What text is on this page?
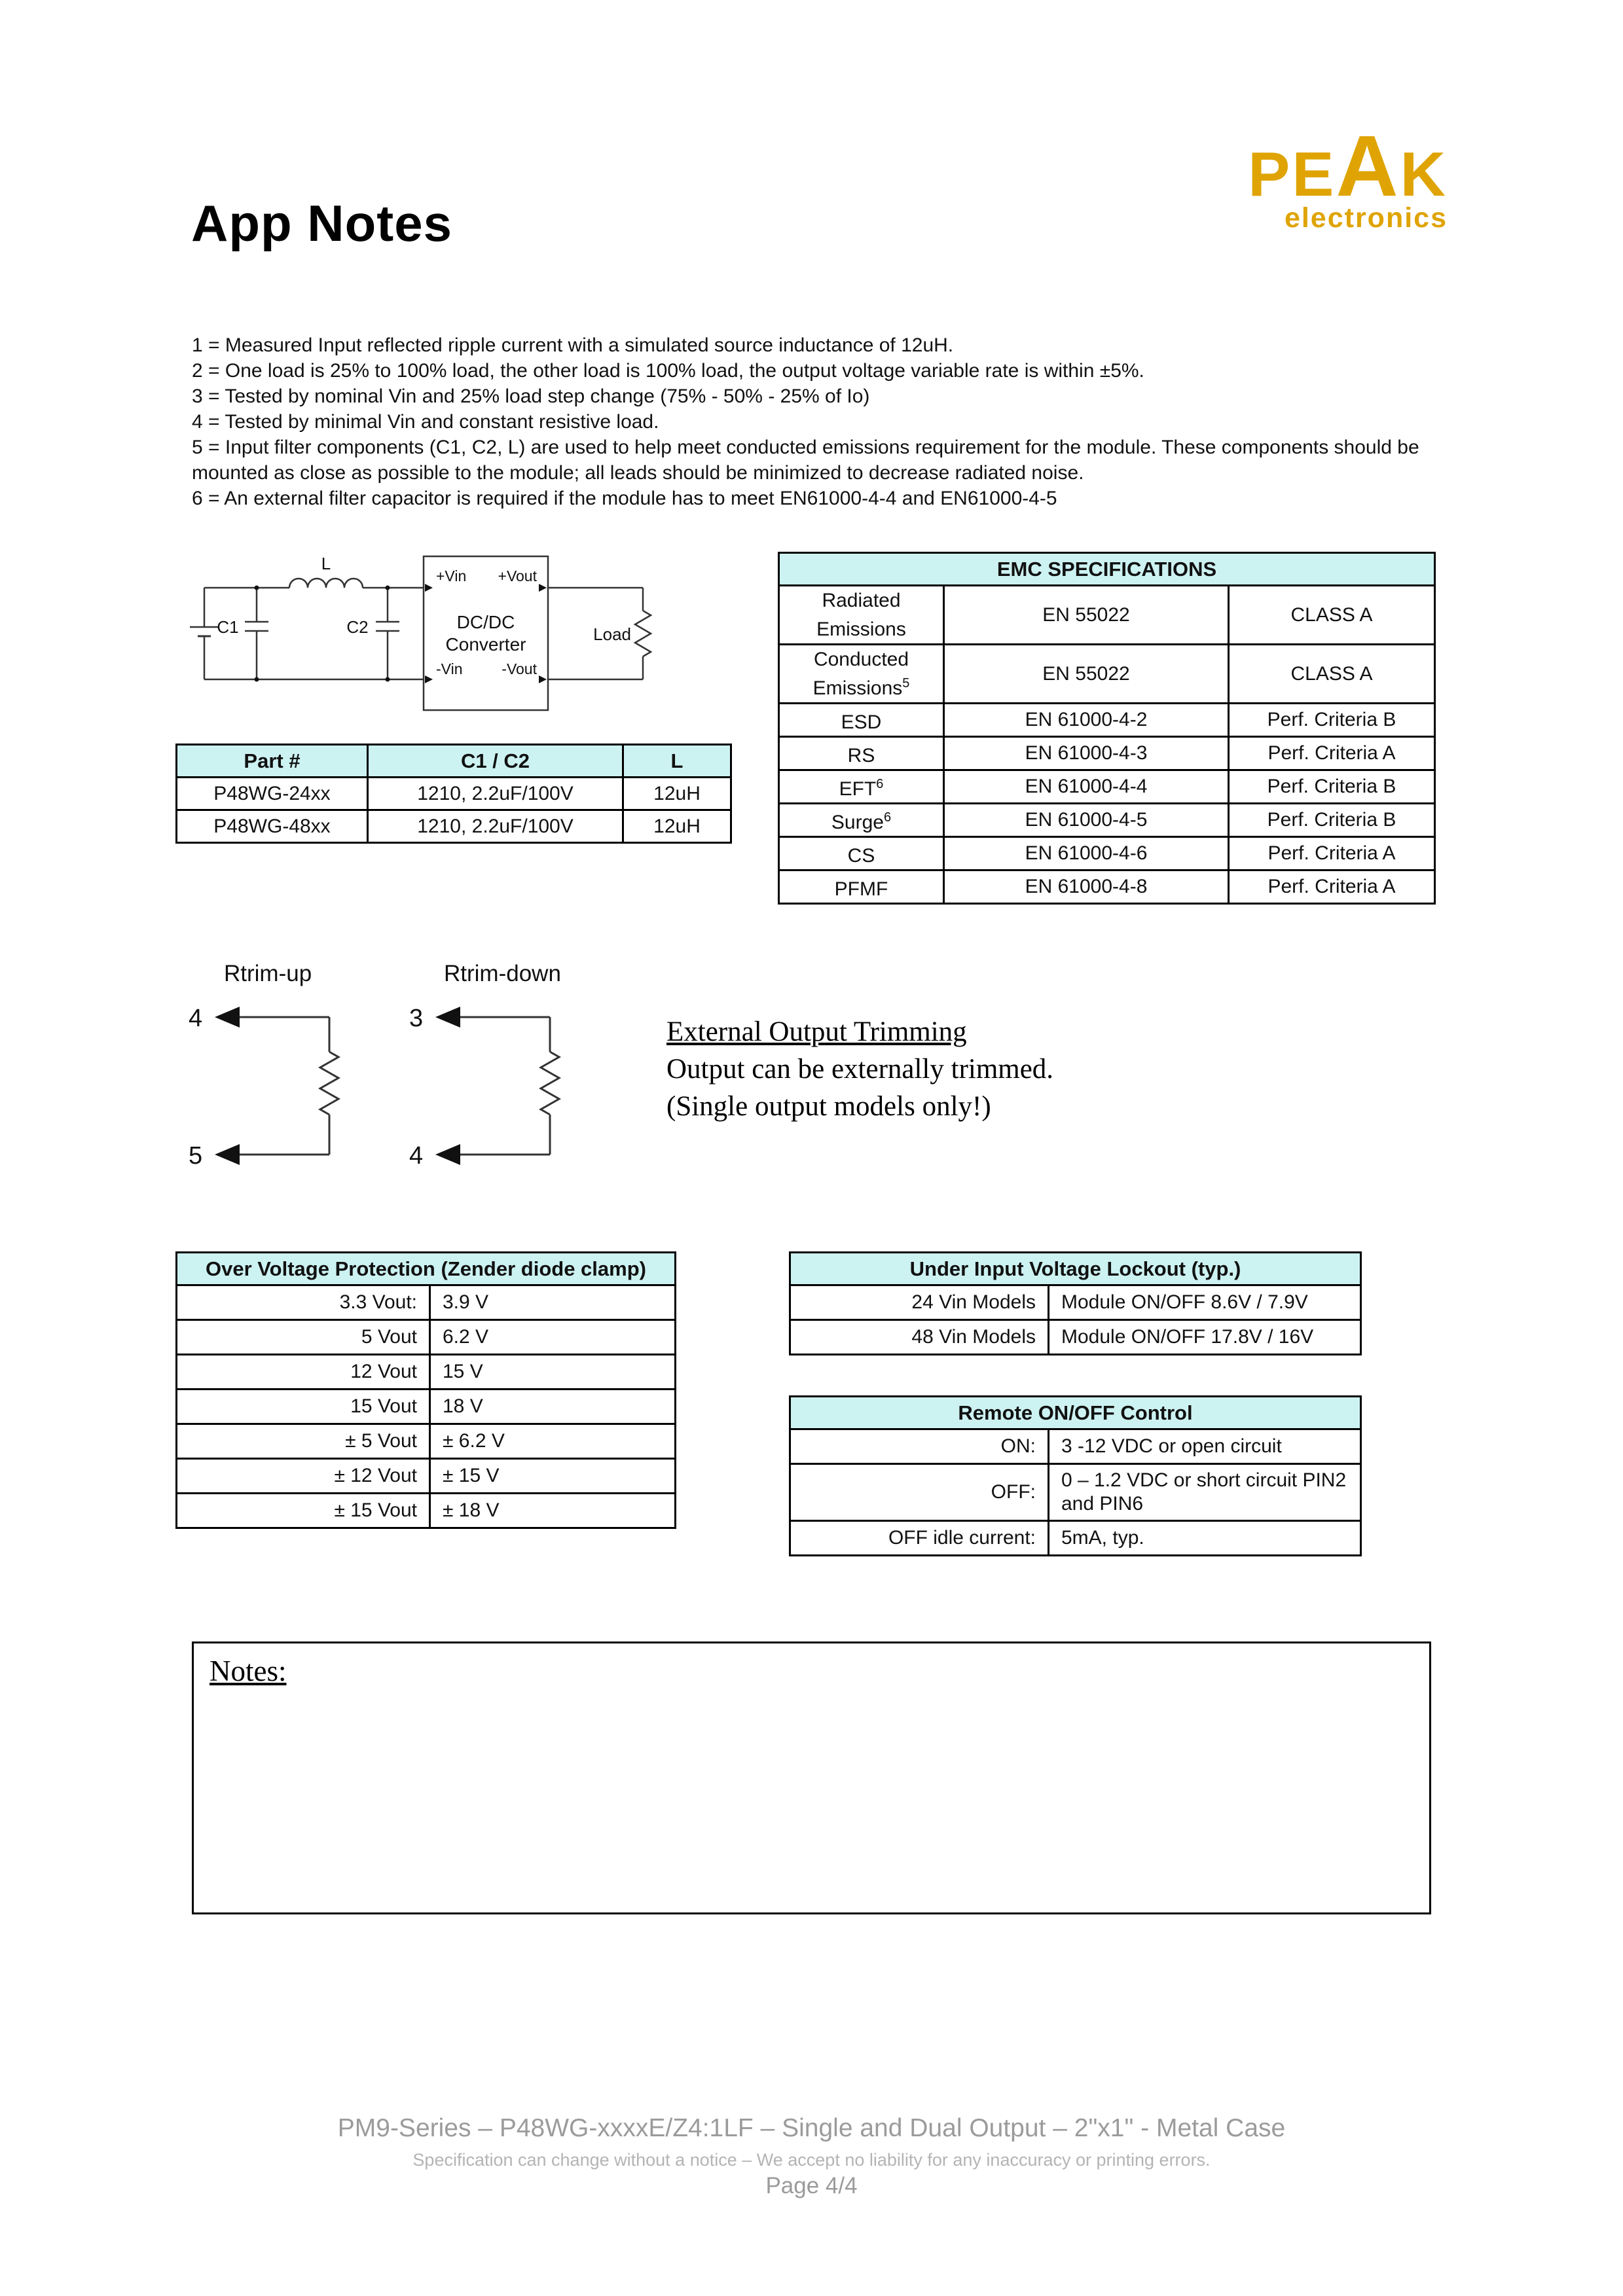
App Notes
PEAK
electronics
1 = Measured Input reflected ripple current with a simulated source inductance of 12uH.
2 = One load is 25% to 100% load, the other load is 100% load, the output voltage variable rate is within ±5%.
3 = Tested by nominal Vin and 25% load step change (75% - 50% - 25% of Io)
4 = Tested by minimal Vin and constant resistive load.
5 = Input filter components (C1, C2, L) are used to help meet conducted emissions requirement for the module. These components should be mounted as close as possible to the module; all leads should be minimized to decrease radiated noise.
6 = An external filter capacitor is required if the module has to meet EN61000-4-4 and EN61000-4-5
C1
L
C2	DC/DC
Converter
+Vin
-Vin
+Vout
-Vout
Load
Part #	C1 / C2	L
P48WG-24xx	1210, 2.2uF/100V	12uH
P48WG-48xx	1210, 2.2uF/100V	12uH
EMC SPECIFICATIONS		
Radiated Emissions	EN 55022	CLASS A
Conducted Emissions$^5$	EN 55022	CLASS A
ESD	EN 61000-4-2	Perf. Criteria B
RS	EN 61000-4-3	Perf. Criteria A
EFT$^6$	EN 61000-4-4	Perf. Criteria B
Surge$^6$	EN 61000-4-5	Perf. Criteria B
CS	EN 61000-4-6	Perf. Criteria A
PFMF	EN 61000-4-8	Perf. Criteria A
Rtrim-up	Rtrim-down
4
5
3
4
External Output Trimming
Output can be externally trimmed.
(Single output models only!)
Over Voltage Protection (Zender diode clamp)	
3.3 Vout:	3.9 V
5 Vout	6.2 V
12 Vout	15 V
15 Vout	18 V
± 5 Vout	± 6.2 V
± 12 Vout	± 15 V
± 15 Vout	± 18 V
Under Input Voltage Lockout (typ.)	
24 Vin Models	Module ON/OFF 8.6V / 7.9V
48 Vin Models	Module ON/OFF 17.8V / 16V
Remote ON/OFF Control	
ON:	3 -12 VDC or open circuit
OFF:	0 – 1.2 VDC or short circuit PIN2 and PIN6
OFF idle current:	5mA, typ.
Notes:
PM9-Series – P48WG-xxxxE/Z4:1LF – Single and Dual Output – 2"x1" - Metal Case
Specification can change without a notice – We accept no liability for any inaccuracy or printing errors.
Page 4/4
